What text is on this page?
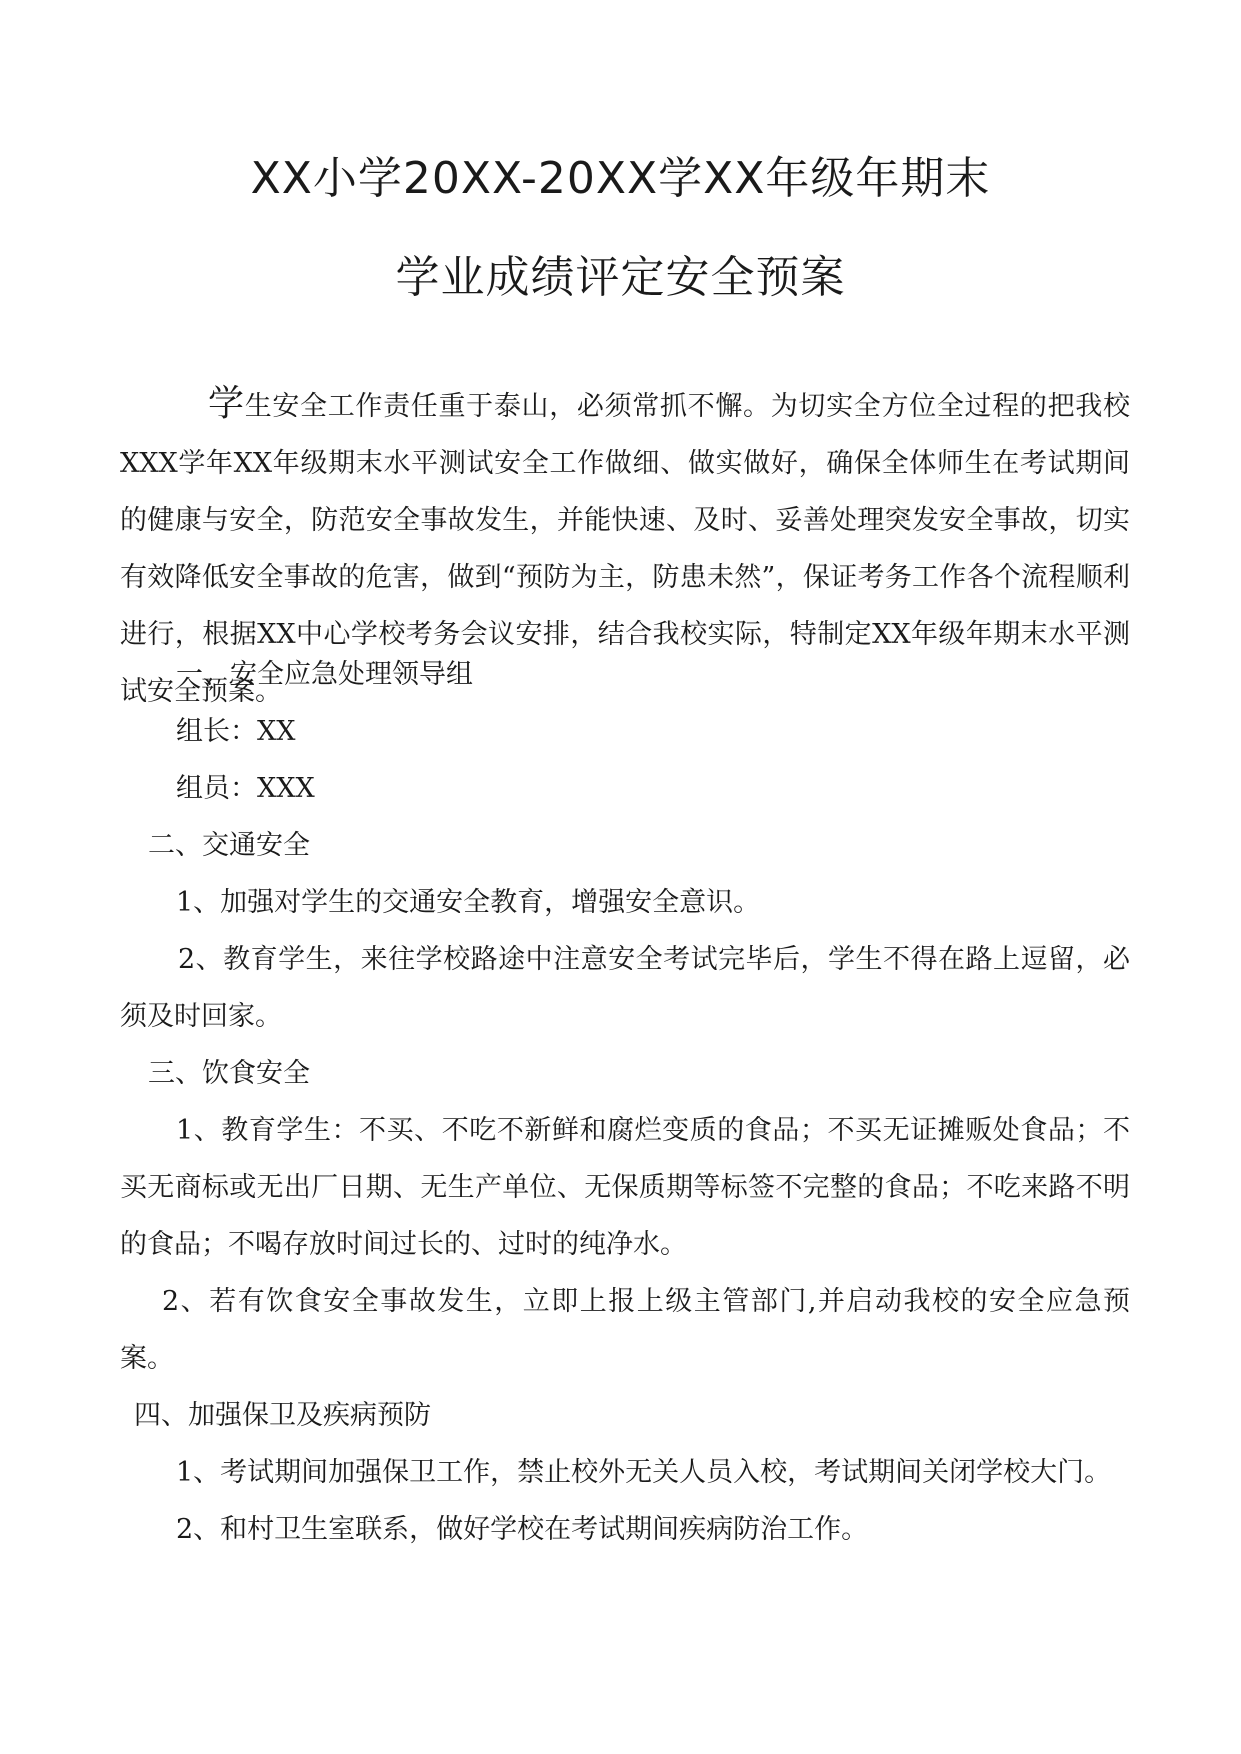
XX小学20XX-20XX学XX年级年期末
学业成绩评定安全预案

学生安全工作责任重于泰山，必须常抓不懈。为切实全方位全过程的把我校XXX学年XX年级期末水平测试安全工作做细、做实做好，确保全体师生在考试期间的健康与安全，防范安全事故发生，并能快速、及时、妥善处理突发安全事故，切实有效降低安全事故的危害，做到“预防为主，防患未然”，保证考务工作各个流程顺利进行，根据XX中心学校考务会议安排，结合我校实际，特制定XX年级年期末水平测试安全预案。

一、安全应急处理领导组

组长：XX

组员：XXX

二、交通安全

1、加强对学生的交通安全教育，增强安全意识。

2、教育学生，来往学校路途中注意安全考试完毕后，学生不得在路上逗留，必须及时回家。

三、饮食安全

1、教育学生：不买、不吃不新鲜和腐烂变质的食品；不买无证摊贩处食品；不买无商标或无出厂日期、无生产单位、无保质期等标签不完整的食品；不吃来路不明的食品；不喝存放时间过长的、过时的纯净水。

2、若有饮食安全事故发生，立即上报上级主管部门,并启动我校的安全应急预案。

四、加强保卫及疾病预防

1、考试期间加强保卫工作，禁止校外无关人员入校，考试期间关闭学校大门。

2、和村卫生室联系，做好学校在考试期间疾病防治工作。
